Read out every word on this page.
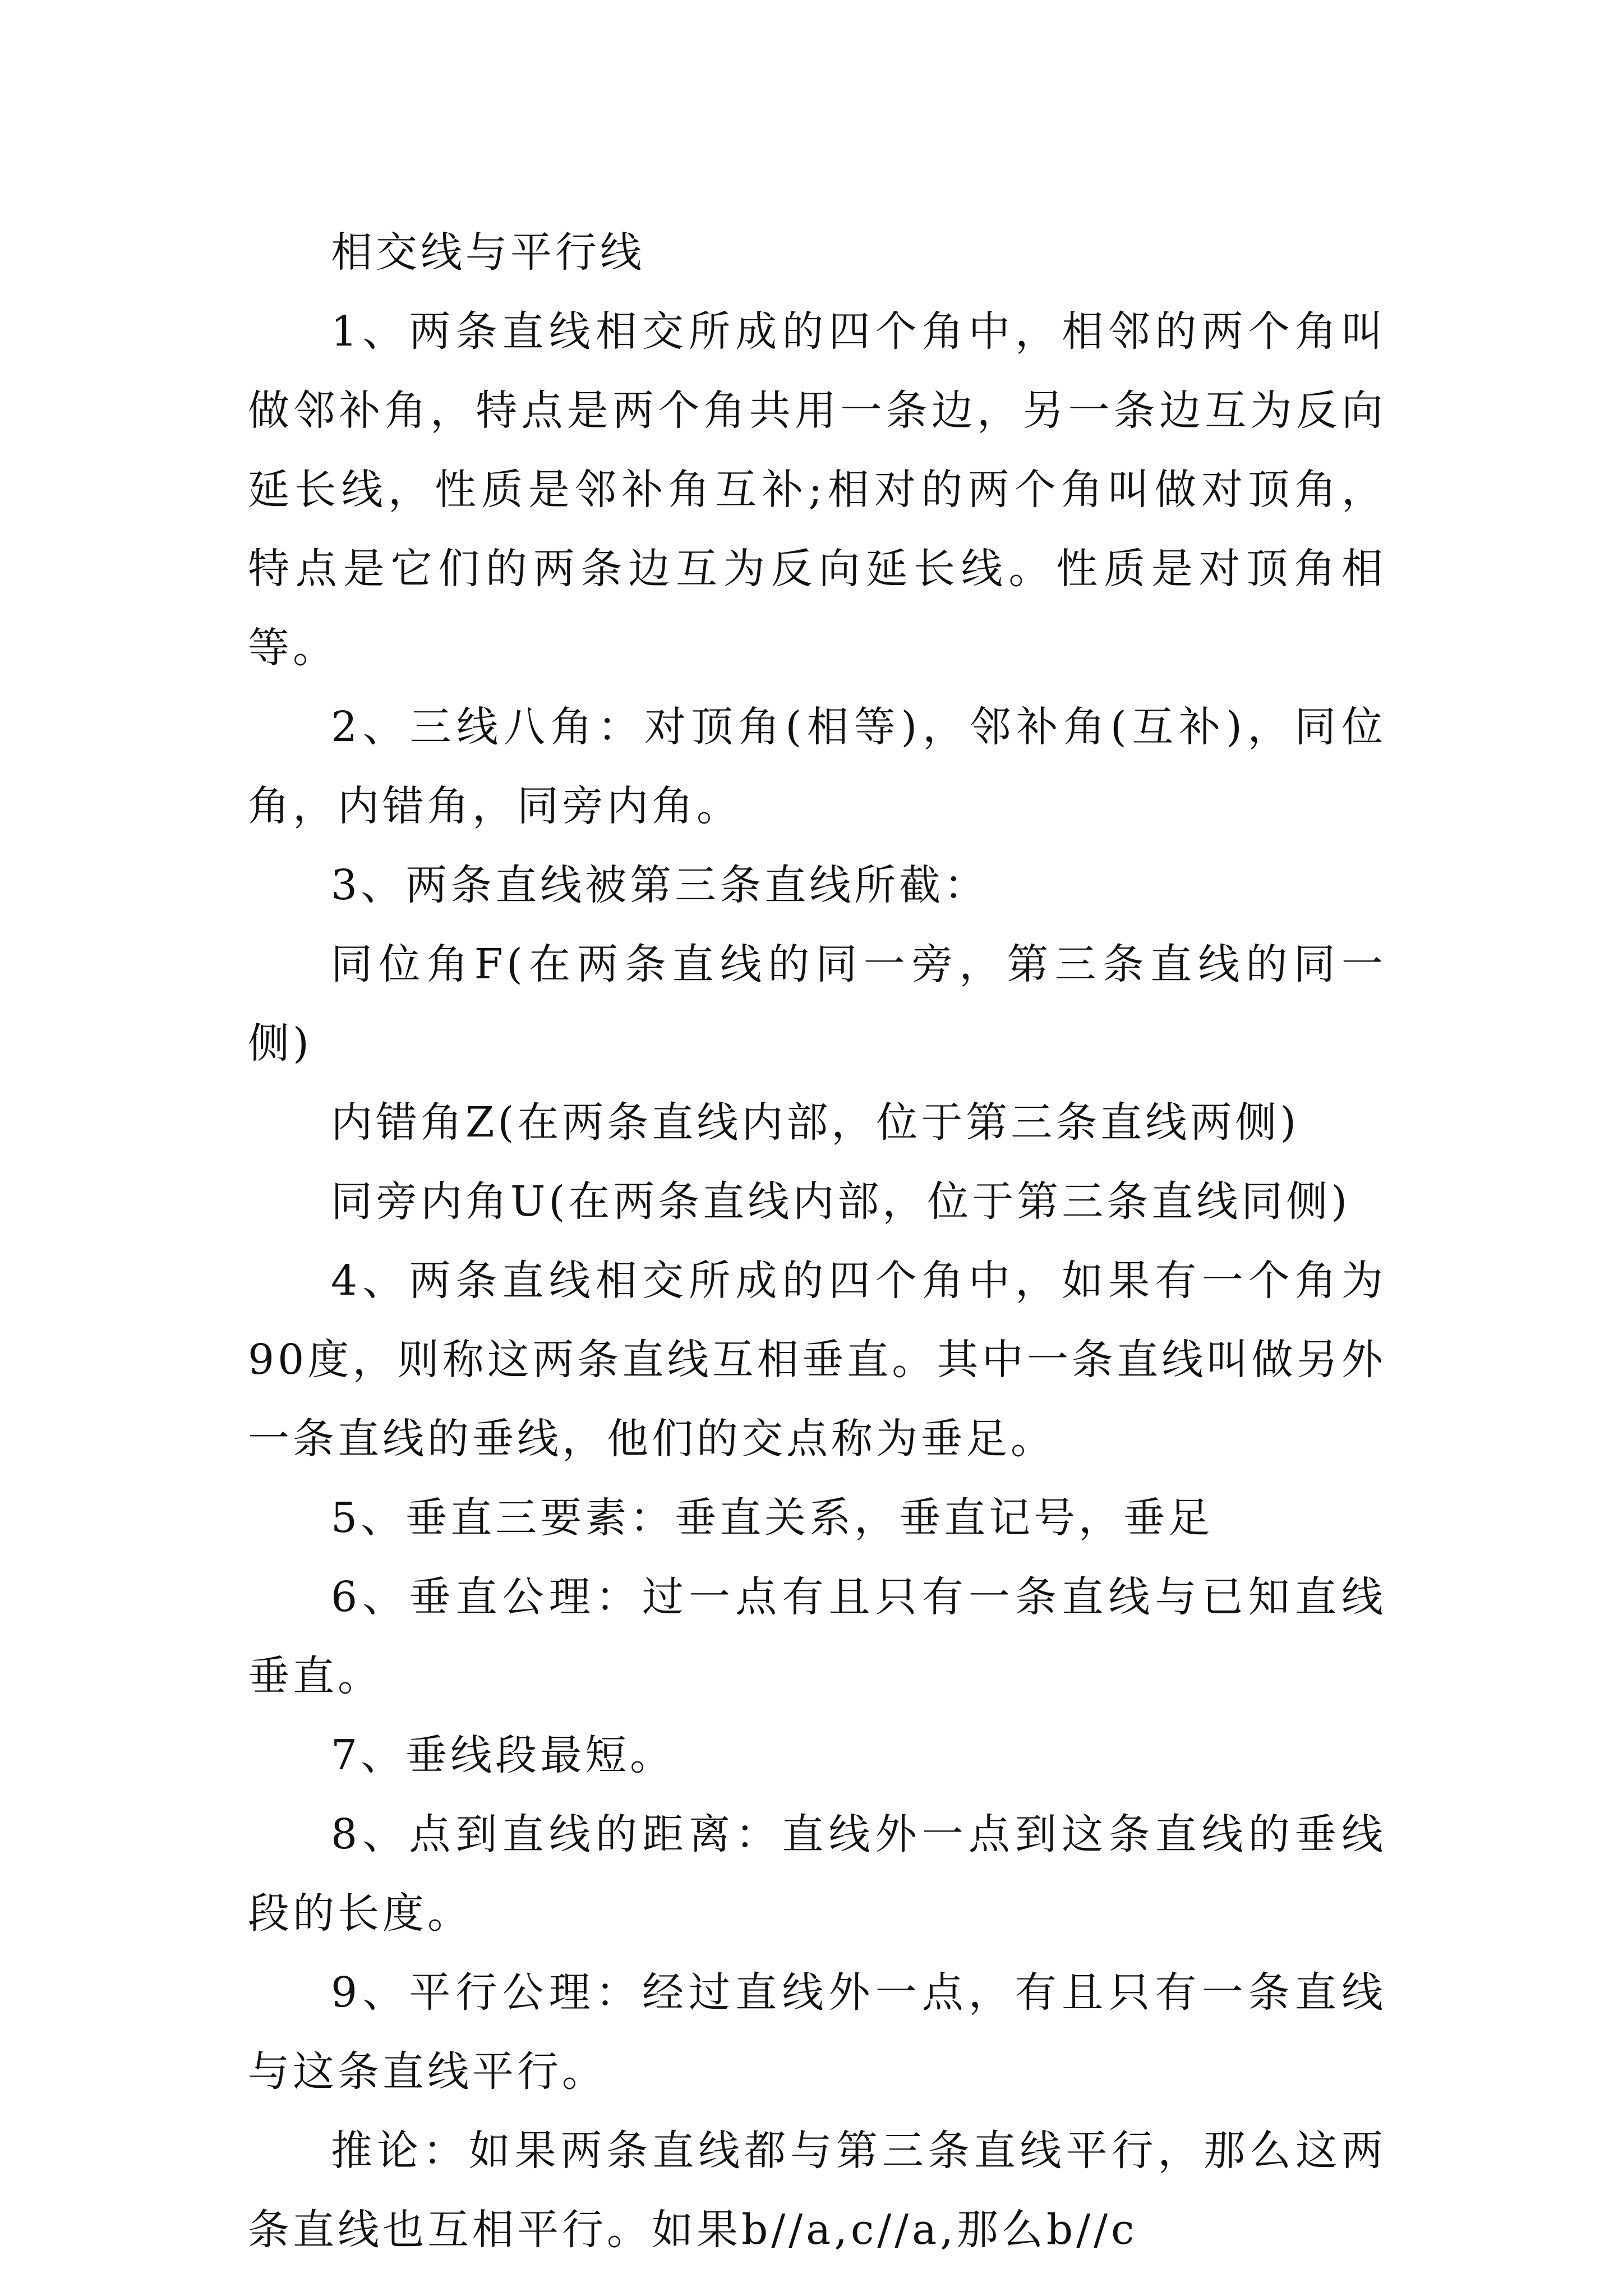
相交线与平行线

1、两条直线相交所成的四个角中，相邻的两个角叫做邻补角，特点是两个角共用一条边，另一条边互为反向延长线，性质是邻补角互补;相对的两个角叫做对顶角，特点是它们的两条边互为反向延长线。性质是对顶角相等。

2、三线八角：对顶角(相等)，邻补角(互补)，同位角，内错角，同旁内角。

3、两条直线被第三条直线所截：

同位角F(在两条直线的同一旁，第三条直线的同一侧)

内错角Z(在两条直线内部，位于第三条直线两侧)

同旁内角U(在两条直线内部，位于第三条直线同侧)

4、两条直线相交所成的四个角中，如果有一个角为90度，则称这两条直线互相垂直。其中一条直线叫做另外一条直线的垂线，他们的交点称为垂足。

5、垂直三要素：垂直关系，垂直记号，垂足

6、垂直公理：过一点有且只有一条直线与已知直线垂直。

7、垂线段最短。

8、点到直线的距离：直线外一点到这条直线的垂线段的长度。

9、平行公理：经过直线外一点，有且只有一条直线与这条直线平行。

推论：如果两条直线都与第三条直线平行，那么这两条直线也互相平行。如果b//a,c//a,那么b//c
